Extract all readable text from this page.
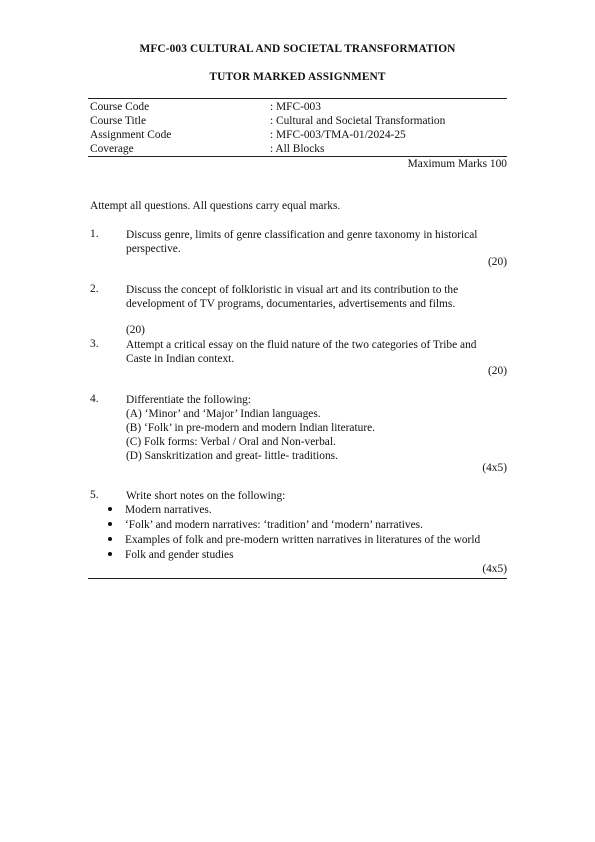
MFC-003 CULTURAL AND SOCIETAL TRANSFORMATION
TUTOR MARKED ASSIGNMENT
Course Code	: MFC-003
Course Title	: Cultural and Societal Transformation
Assignment Code	: MFC-003/TMA-01/2024-25
Coverage	: All Blocks
Maximum Marks 100
Attempt all questions. All questions carry equal marks.
1. Discuss genre, limits of genre classification and genre taxonomy in historical
perspective.
(20)
2. Discuss the concept of folkloristic in visual art and its contribution to the
development of TV programs, documentaries, advertisements and films.
(20)
3. Attempt a critical essay on the fluid nature of the two categories of Tribe and
Caste in Indian context.
(20)
4. Differentiate the following:
(A) ‘Minor’ and ‘Major’ Indian languages.
(B) ‘Folk’ in pre-modern and modern Indian literature.
(C) Folk forms: Verbal / Oral and Non-verbal.
(D) Sanskritization and great- little- traditions.
(4x5)
5. Write short notes on the following:
Modern narratives.
‘Folk’ and modern narratives: ‘tradition’ and ‘modern’ narratives.
Examples of folk and pre-modern written narratives in literatures of the world
Folk and gender studies
(4x5)
